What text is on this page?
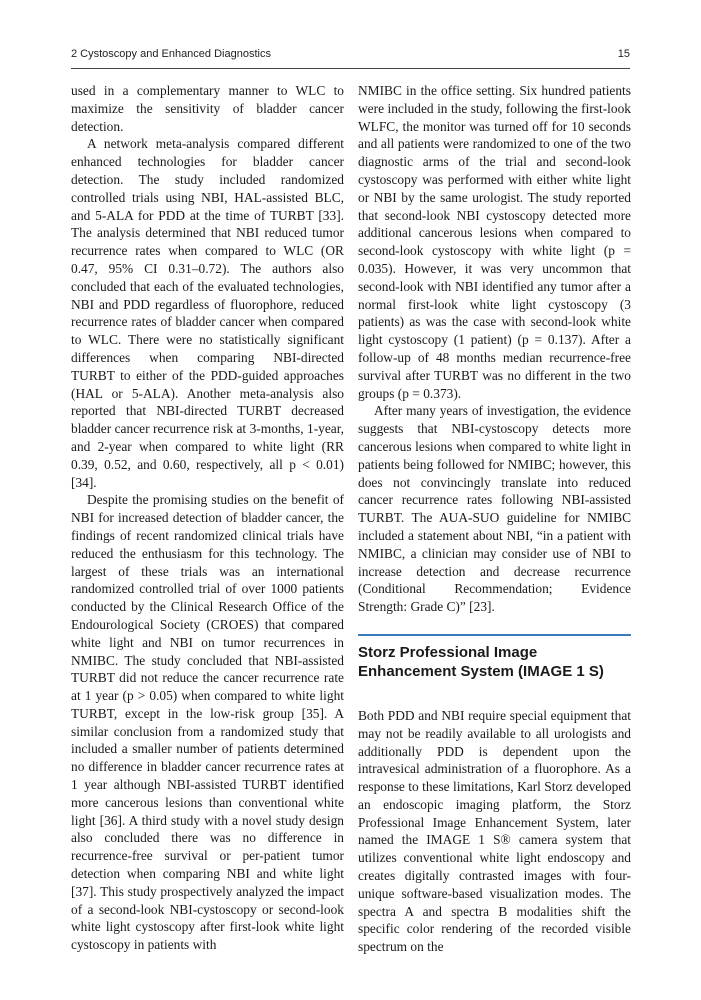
2 Cystoscopy and Enhanced Diagnostics	15

used in a complementary manner to WLC to maximize the sensitivity of bladder cancer detection.

A network meta-analysis compared different enhanced technologies for bladder cancer detection. The study included randomized controlled trials using NBI, HAL-assisted BLC, and 5-ALA for PDD at the time of TURBT [33]. The analysis determined that NBI reduced tumor recurrence rates when compared to WLC (OR 0.47, 95% CI 0.31–0.72). The authors also concluded that each of the evaluated technologies, NBI and PDD regardless of fluorophore, reduced recurrence rates of bladder cancer when compared to WLC. There were no statistically significant differences when comparing NBI-directed TURBT to either of the PDD-guided approaches (HAL or 5-ALA). Another meta-analysis also reported that NBI-directed TURBT decreased bladder cancer recurrence risk at 3-months, 1-year, and 2-year when compared to white light (RR 0.39, 0.52, and 0.60, respectively, all p < 0.01) [34].

Despite the promising studies on the benefit of NBI for increased detection of bladder cancer, the findings of recent randomized clinical trials have reduced the enthusiasm for this technology. The largest of these trials was an international randomized controlled trial of over 1000 patients conducted by the Clinical Research Office of the Endourological Society (CROES) that compared white light and NBI on tumor recurrences in NMIBC. The study concluded that NBI-assisted TURBT did not reduce the cancer recurrence rate at 1 year (p > 0.05) when compared to white light TURBT, except in the low-risk group [35]. A similar conclusion from a randomized study that included a smaller number of patients determined no difference in bladder cancer recurrence rates at 1 year although NBI-assisted TURBT identified more cancerous lesions than conventional white light [36]. A third study with a novel study design also concluded there was no difference in recurrence-free survival or per-patient tumor detection when comparing NBI and white light [37]. This study prospectively analyzed the impact of a second-look NBI-cystoscopy or second-look white light cystoscopy after first-look white light cystoscopy in patients with

NMIBC in the office setting. Six hundred patients were included in the study, following the first-look WLFC, the monitor was turned off for 10 seconds and all patients were randomized to one of the two diagnostic arms of the trial and second-look cystoscopy was performed with either white light or NBI by the same urologist. The study reported that second-look NBI cystoscopy detected more additional cancerous lesions when compared to second-look cystoscopy with white light (p = 0.035). However, it was very uncommon that second-look with NBI identified any tumor after a normal first-look white light cystoscopy (3 patients) as was the case with second-look white light cystoscopy (1 patient) (p = 0.137). After a follow-up of 48 months median recurrence-free survival after TURBT was no different in the two groups (p = 0.373).

After many years of investigation, the evidence suggests that NBI-cystoscopy detects more cancerous lesions when compared to white light in patients being followed for NMIBC; however, this does not convincingly translate into reduced cancer recurrence rates following NBI-assisted TURBT. The AUA-SUO guideline for NMIBC included a statement about NBI, “in a patient with NMIBC, a clinician may consider use of NBI to increase detection and decrease recurrence (Conditional Recommendation; Evidence Strength: Grade C)” [23].

Storz Professional Image Enhancement System (IMAGE 1 S)

Both PDD and NBI require special equipment that may not be readily available to all urologists and additionally PDD is dependent upon the intravesical administration of a fluorophore. As a response to these limitations, Karl Storz developed an endoscopic imaging platform, the Storz Professional Image Enhancement System, later named the IMAGE 1 S® camera system that utilizes conventional white light endoscopy and creates digitally contrasted images with four-unique software-based visualization modes. The spectra A and spectra B modalities shift the specific color rendering of the recorded visible spectrum on the
